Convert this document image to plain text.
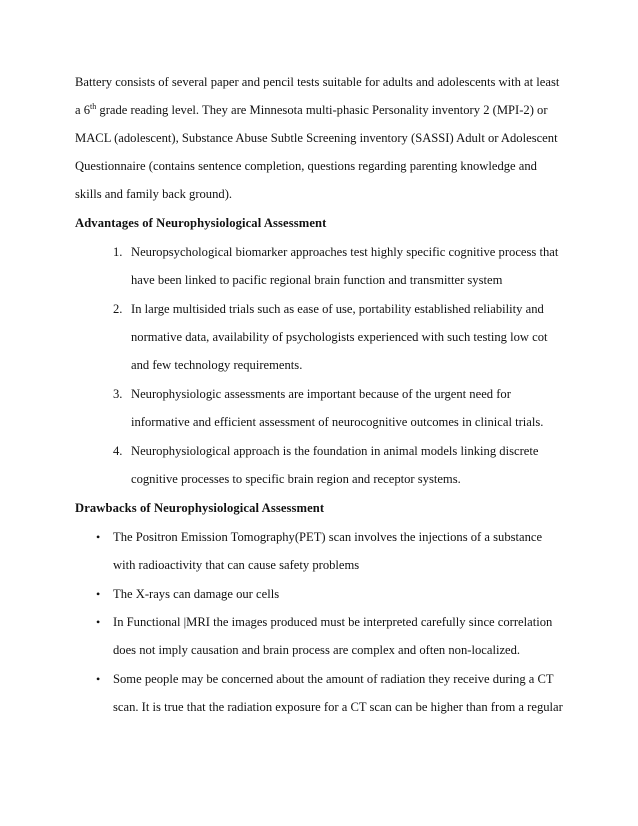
Battery consists of several paper and pencil tests suitable for adults and adolescents with at least
a 6th grade reading level. They are Minnesota multi-phasic Personality inventory 2 (MPI-2) or
MACL (adolescent), Substance Abuse Subtle Screening inventory (SASSI) Adult or Adolescent
Questionnaire (contains sentence completion, questions regarding parenting knowledge and
skills and family back ground).
Advantages of Neurophysiological Assessment
1. Neuropsychological biomarker approaches test highly specific cognitive process that
have been linked to pacific regional brain function and transmitter system
2. In large multisided trials such as ease of use, portability established reliability and
normative data, availability of psychologists experienced with such testing low cot
and few technology requirements.
3. Neurophysiologic assessments are important because of the urgent need for
informative and efficient assessment of neurocognitive outcomes in clinical trials.
4. Neurophysiological approach is the foundation in animal models linking discrete
cognitive processes to specific brain region and receptor systems.
Drawbacks of Neurophysiological Assessment
• The Positron Emission Tomography(PET) scan involves the injections of a substance
with radioactivity that can cause safety problems
• The X-rays can damage our cells
• In Functional |MRI the images produced must be interpreted carefully since correlation
does not imply causation and brain process are complex and often non-localized.
• Some people may be concerned about the amount of radiation they receive during a CT
scan. It is true that the radiation exposure for a CT scan can be higher than from a regular
